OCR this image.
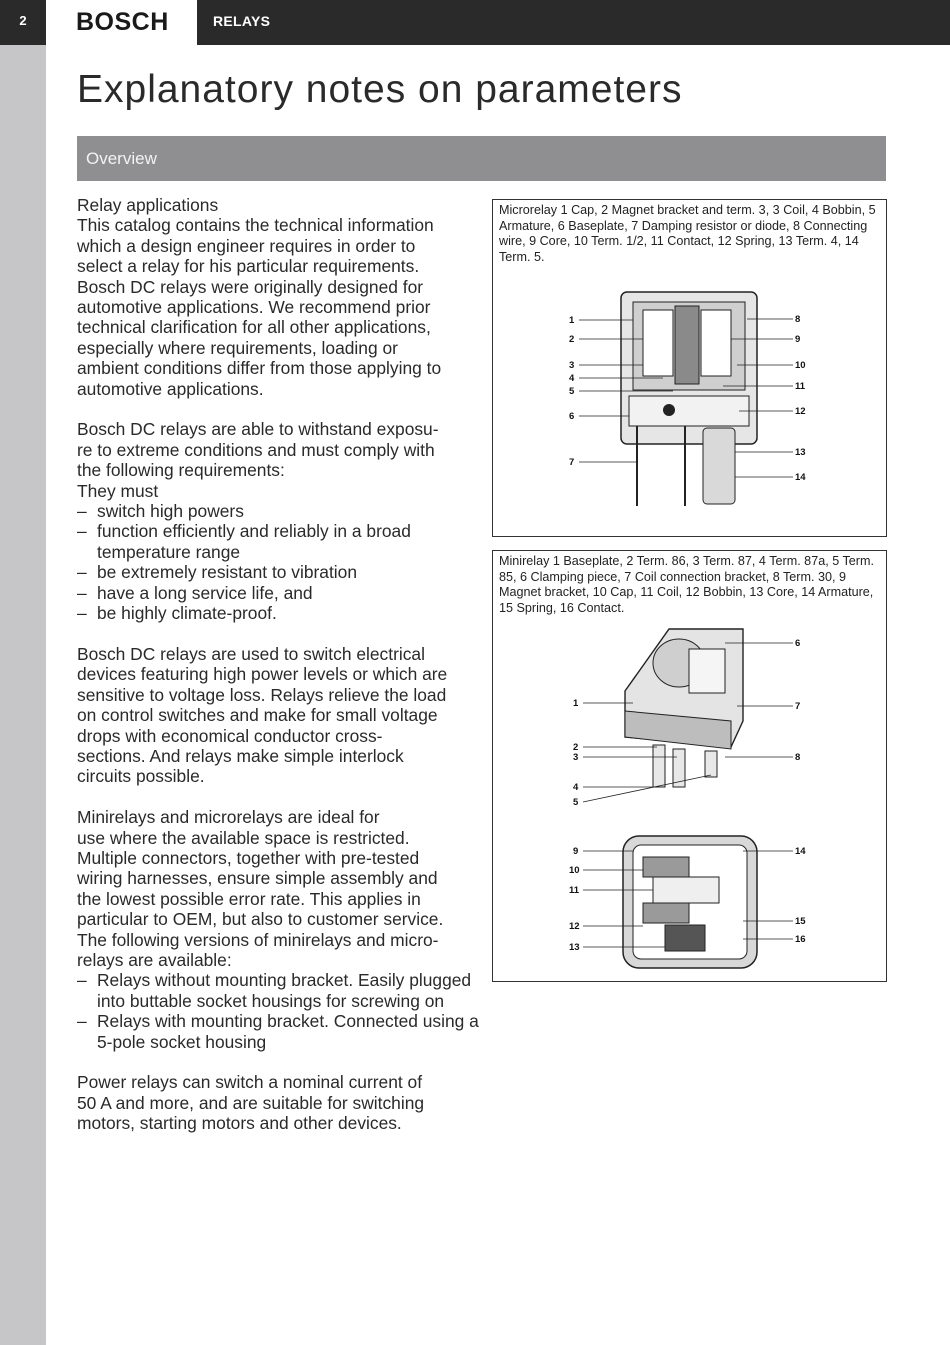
2	BOSCH	RELAYS
Explanatory notes on parameters
Overview

Relay applications
This catalog contains the technical information
which a design engineer requires in order to
select a relay for his particular requirements.
Bosch DC relays were originally designed for
automotive applications. We recommend prior
technical clarification for all other applications,
especially where requirements, loading or
ambient conditions differ from those applying to
automotive applications.

Bosch DC relays are able to withstand exposu-
re to extreme conditions and must comply with
the following requirements:
They must
– switch high powers
– function efficiently and reliably in a broad temperature range
– be extremely resistant to vibration
– have a long service life, and
– be highly climate-proof.

Bosch DC relays are used to switch electrical
devices featuring high power levels or which are
sensitive to voltage loss. Relays relieve the load
on control switches and make for small voltage
drops with economical conductor cross-
sections. And relays make simple interlock
circuits possible.

Minirelays and microrelays are ideal for
use where the available space is restricted.
Multiple connectors, together with pre-tested
wiring harnesses, ensure simple assembly and
the lowest possible error rate. This applies in
particular to OEM, but also to customer service.
The following versions of minirelays and micro-
relays are available:
– Relays without mounting bracket. Easily plugged into buttable socket housings for screwing on
– Relays with mounting bracket. Connected using a 5-pole socket housing

Power relays can switch a nominal current of
50 A and more, and are suitable for switching
motors, starting motors and other devices.

Microrelay 1 Cap, 2 Magnet bracket and term. 3, 3 Coil, 4 Bobbin, 5 Armature, 6 Baseplate, 7 Damping resistor or diode, 8 Connecting wire, 9 Core, 10 Term. 1/2, 11 Contact, 12 Spring, 13 Term. 4, 14 Term. 5.
1
2
3
4
5
6
7
8
9
10
11
12
13
14
Minirelay 1 Baseplate, 2 Term. 86, 3 Term. 87, 4 Term. 87a, 5 Term. 85, 6 Clamping piece, 7 Coil connection bracket, 8 Term. 30, 9 Magnet bracket, 10 Cap, 11 Coil, 12 Bobbin, 13 Core, 14 Armature, 15 Spring, 16 Contact.
1
2
3
4
5
6
7
8
9
10
11
12
13
14
15
16
